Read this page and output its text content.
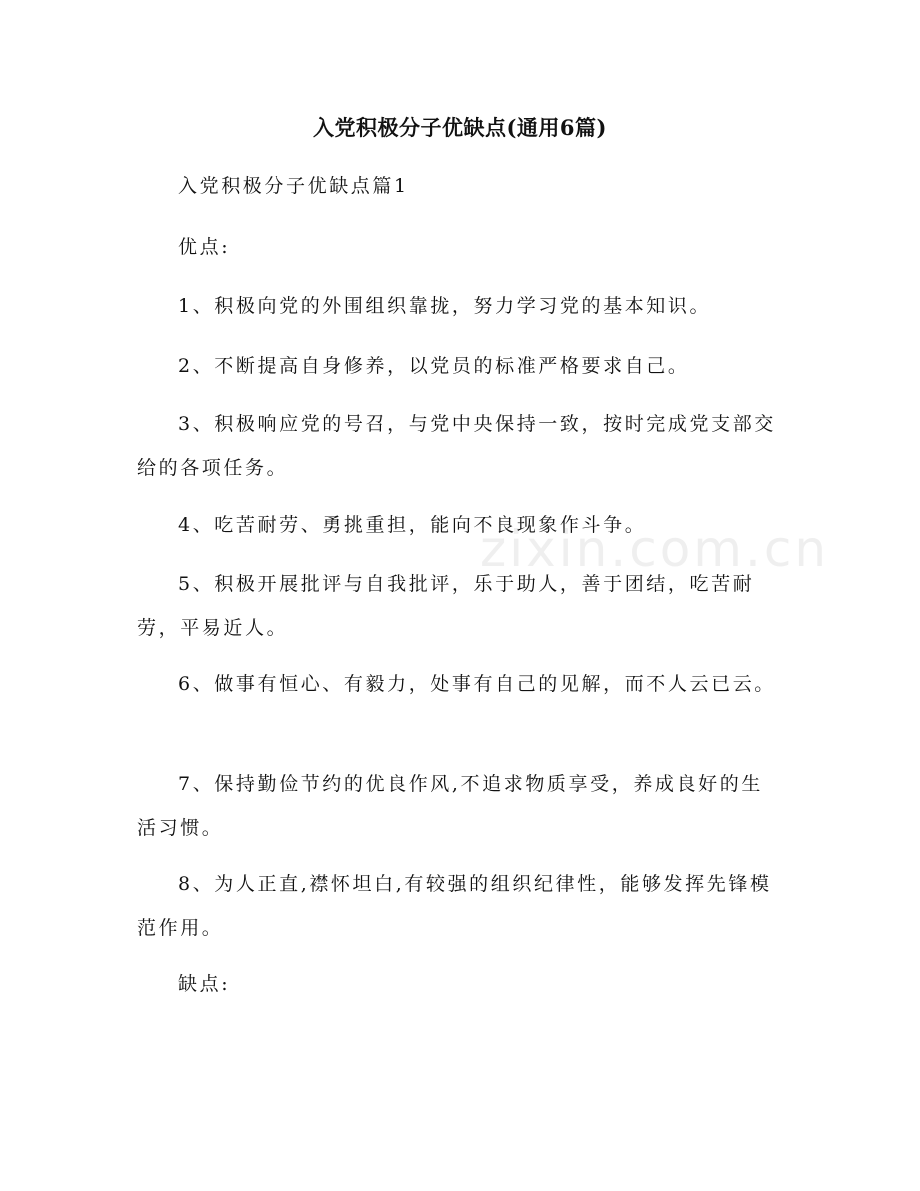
入党积极分子优缺点(通用6篇)

入党积极分子优缺点篇1

优点:

1、积极向党的外围组织靠拢，努力学习党的基本知识。

2、不断提高自身修养，以党员的标准严格要求自己。

3、积极响应党的号召，与党中央保持一致，按时完成党支部交给的各项任务。

4、吃苦耐劳、勇挑重担，能向不良现象作斗争。

5、积极开展批评与自我批评，乐于助人，善于团结，吃苦耐劳，平易近人。

6、做事有恒心、有毅力，处事有自己的见解，而不人云已云。

7、保持勤俭节约的优良作风,不追求物质享受，养成良好的生活习惯。

8、为人正直,襟怀坦白,有较强的组织纪律性，能够发挥先锋模范作用。

缺点:

zixin.com.cn
